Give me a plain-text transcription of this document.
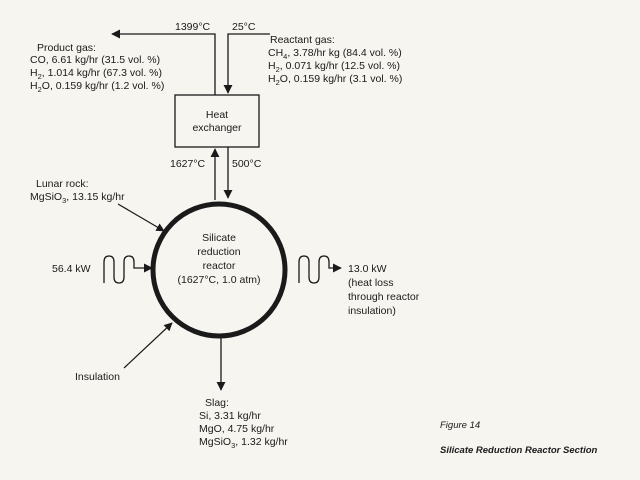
1399°C 25°C
Product gas:
CO, 6.61 kg/hr (31.5 vol. %)
$H_2$, 1.014 kg/hr (67.3 vol. %)
$H_2O$, 0.159 kg/hr (1.2 vol. %)
Reactant gas:
$CH_4$, 3.78/hr kg (84.4 vol. %)
$H_2$, 0.071 kg/hr (12.5 vol. %)
$H_2O$, 0.159 kg/hr (3.1 vol. %)
Heat
exchanger
1627°C	500°C
Silicate
reduction
reactor
(1627°C, 1.0 atm)
Lunar rock:
MgSiO$_3$, 13.15 kg/hr
56.4 kW	13.0 kW
(heat loss
through reactor
insulation)
Insulation
Slag:
Si, 3.31 kg/hr
MgO, 4.75 kg/hr
MgSiO$_3$, 1.32 kg/hr
Figure 14
Silicate Reduction Reactor Section
